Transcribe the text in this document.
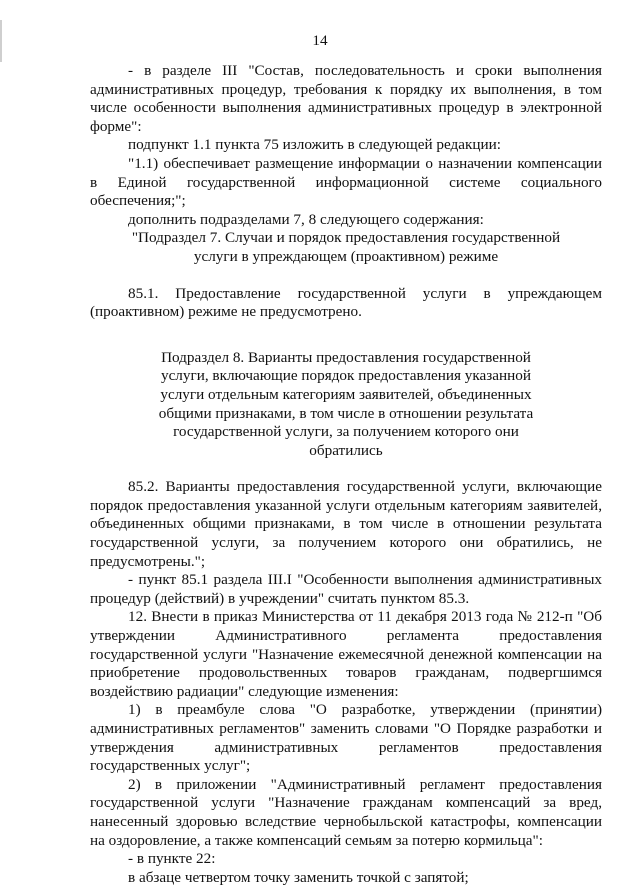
14

- в разделе III "Состав, последовательность и сроки выполнения административных процедур, требования к порядку их выполнения, в том числе особенности выполнения административных процедур в электронной форме":

подпункт 1.1 пункта 75 изложить в следующей редакции:

"1.1) обеспечивает размещение информации о назначении компенсации в Единой государственной информационной системе социального обеспечения;";

дополнить подразделами 7, 8 следующего содержания:

"Подраздел 7. Случаи и порядок предоставления государственной услуги в упреждающем (проактивном) режиме

85.1. Предоставление государственной услуги в упреждающем (проактивном) режиме не предусмотрено.

Подраздел 8. Варианты предоставления государственной услуги, включающие порядок предоставления указанной услуги отдельным категориям заявителей, объединенных общими признаками, в том числе в отношении результата государственной услуги, за получением которого они обратились

85.2. Варианты предоставления государственной услуги, включающие порядок предоставления указанной услуги отдельным категориям заявителей, объединенных общими признаками, в том числе в отношении результата государственной услуги, за получением которого они обратились, не предусмотрены.";

- пункт 85.1 раздела III.I "Особенности выполнения административных процедур (действий) в учреждении" считать пунктом 85.3.

12. Внести в приказ Министерства от 11 декабря 2013 года № 212-п "Об утверждении Административного регламента предоставления государственной услуги "Назначение ежемесячной денежной компенсации на приобретение продовольственных товаров гражданам, подвергшимся воздействию радиации" следующие изменения:

1) в преамбуле слова "О разработке, утверждении (принятии) административных регламентов" заменить словами "О Порядке разработки и утверждения административных регламентов предоставления государственных услуг";

2) в приложении "Административный регламент предоставления государственной услуги "Назначение гражданам компенсаций за вред, нанесенный здоровью вследствие чернобыльской катастрофы, компенсации на оздоровление, а также компенсаций семьям за потерю кормильца":

- в пункте 22:

в абзаце четвертом точку заменить точкой с запятой;
